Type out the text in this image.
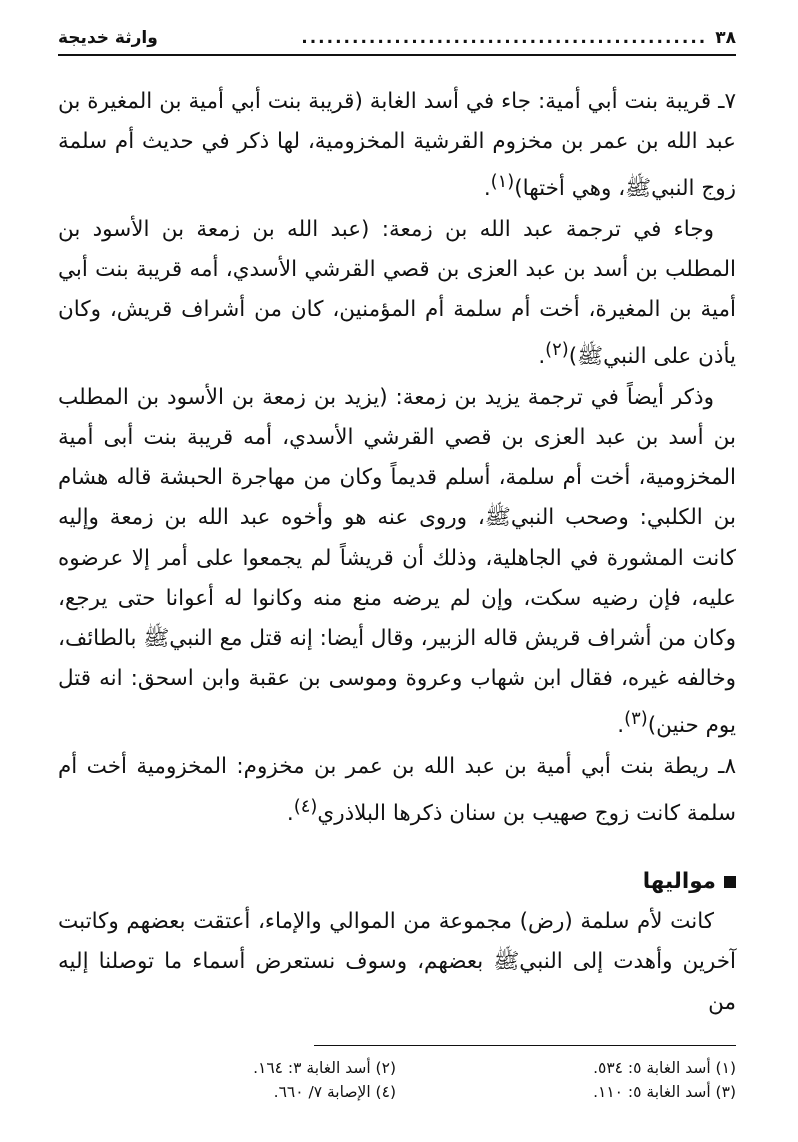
٣٨
................................................
وارثة خديجة

٧ـ قريبة بنت أبي أمية: جاء في أسد الغابة (قريبة بنت أبي أمية بن المغيرة بن عبد الله بن عمر بن مخزوم القرشية المخزومية، لها ذكر في حديث أم سلمة زوج النبيﷺ، وهي أختها)$^{(١)}$.

وجاء في ترجمة عبد الله بن زمعة: (عبد الله بن زمعة بن الأسود بن المطلب بن أسد بن عبد العزى بن قصي القرشي الأسدي، أمه قريبة بنت أبي أمية بن المغيرة، أخت أم سلمة أم المؤمنين، كان من أشراف قريش، وكان يأذن على النبيﷺ)$^{(٢)}$.

وذكر أيضاً في ترجمة يزيد بن زمعة: (يزيد بن زمعة بن الأسود بن المطلب بن أسد بن عبد العزى بن قصي القرشي الأسدي، أمه قريبة بنت أبى أمية المخزومية، أخت أم سلمة، أسلم قديماً وكان من مهاجرة الحبشة قاله هشام بن الكلبي: وصحب النبيﷺ، وروى عنه هو وأخوه عبد الله بن زمعة وإليه كانت المشورة في الجاهلية، وذلك أن قريشاً لم يجمعوا على أمر إلا عرضوه عليه، فإن رضيه سكت، وإن لم يرضه منع منه وكانوا له أعوانا حتى يرجع، وكان من أشراف قريش قاله الزبير، وقال أيضا: إنه قتل مع النبيﷺ بالطائف، وخالفه غيره، فقال ابن شهاب وعروة وموسى بن عقبة وابن اسحق: انه قتل يوم حنين)$^{(٣)}$.

٨ـ ريطة بنت أبي أمية بن عبد الله بن عمر بن مخزوم: المخزومية أخت أم سلمة كانت زوج صهيب بن سنان ذكرها البلاذري$^{(٤)}$.

مواليها

كانت لأم سلمة (رض) مجموعة من الموالي والإماء، أعتقت بعضهم وكاتبت آخرين وأهدت إلى النبيﷺ بعضهم، وسوف نستعرض أسماء ما توصلنا إليه من

(١) أسد الغابة ٥: ٥٣٤.
(٢) أسد الغابة ٣: ١٦٤.
(٣) أسد الغابة ٥: ١١٠.
(٤) الإصابة ٧/ ٦٦٠.
